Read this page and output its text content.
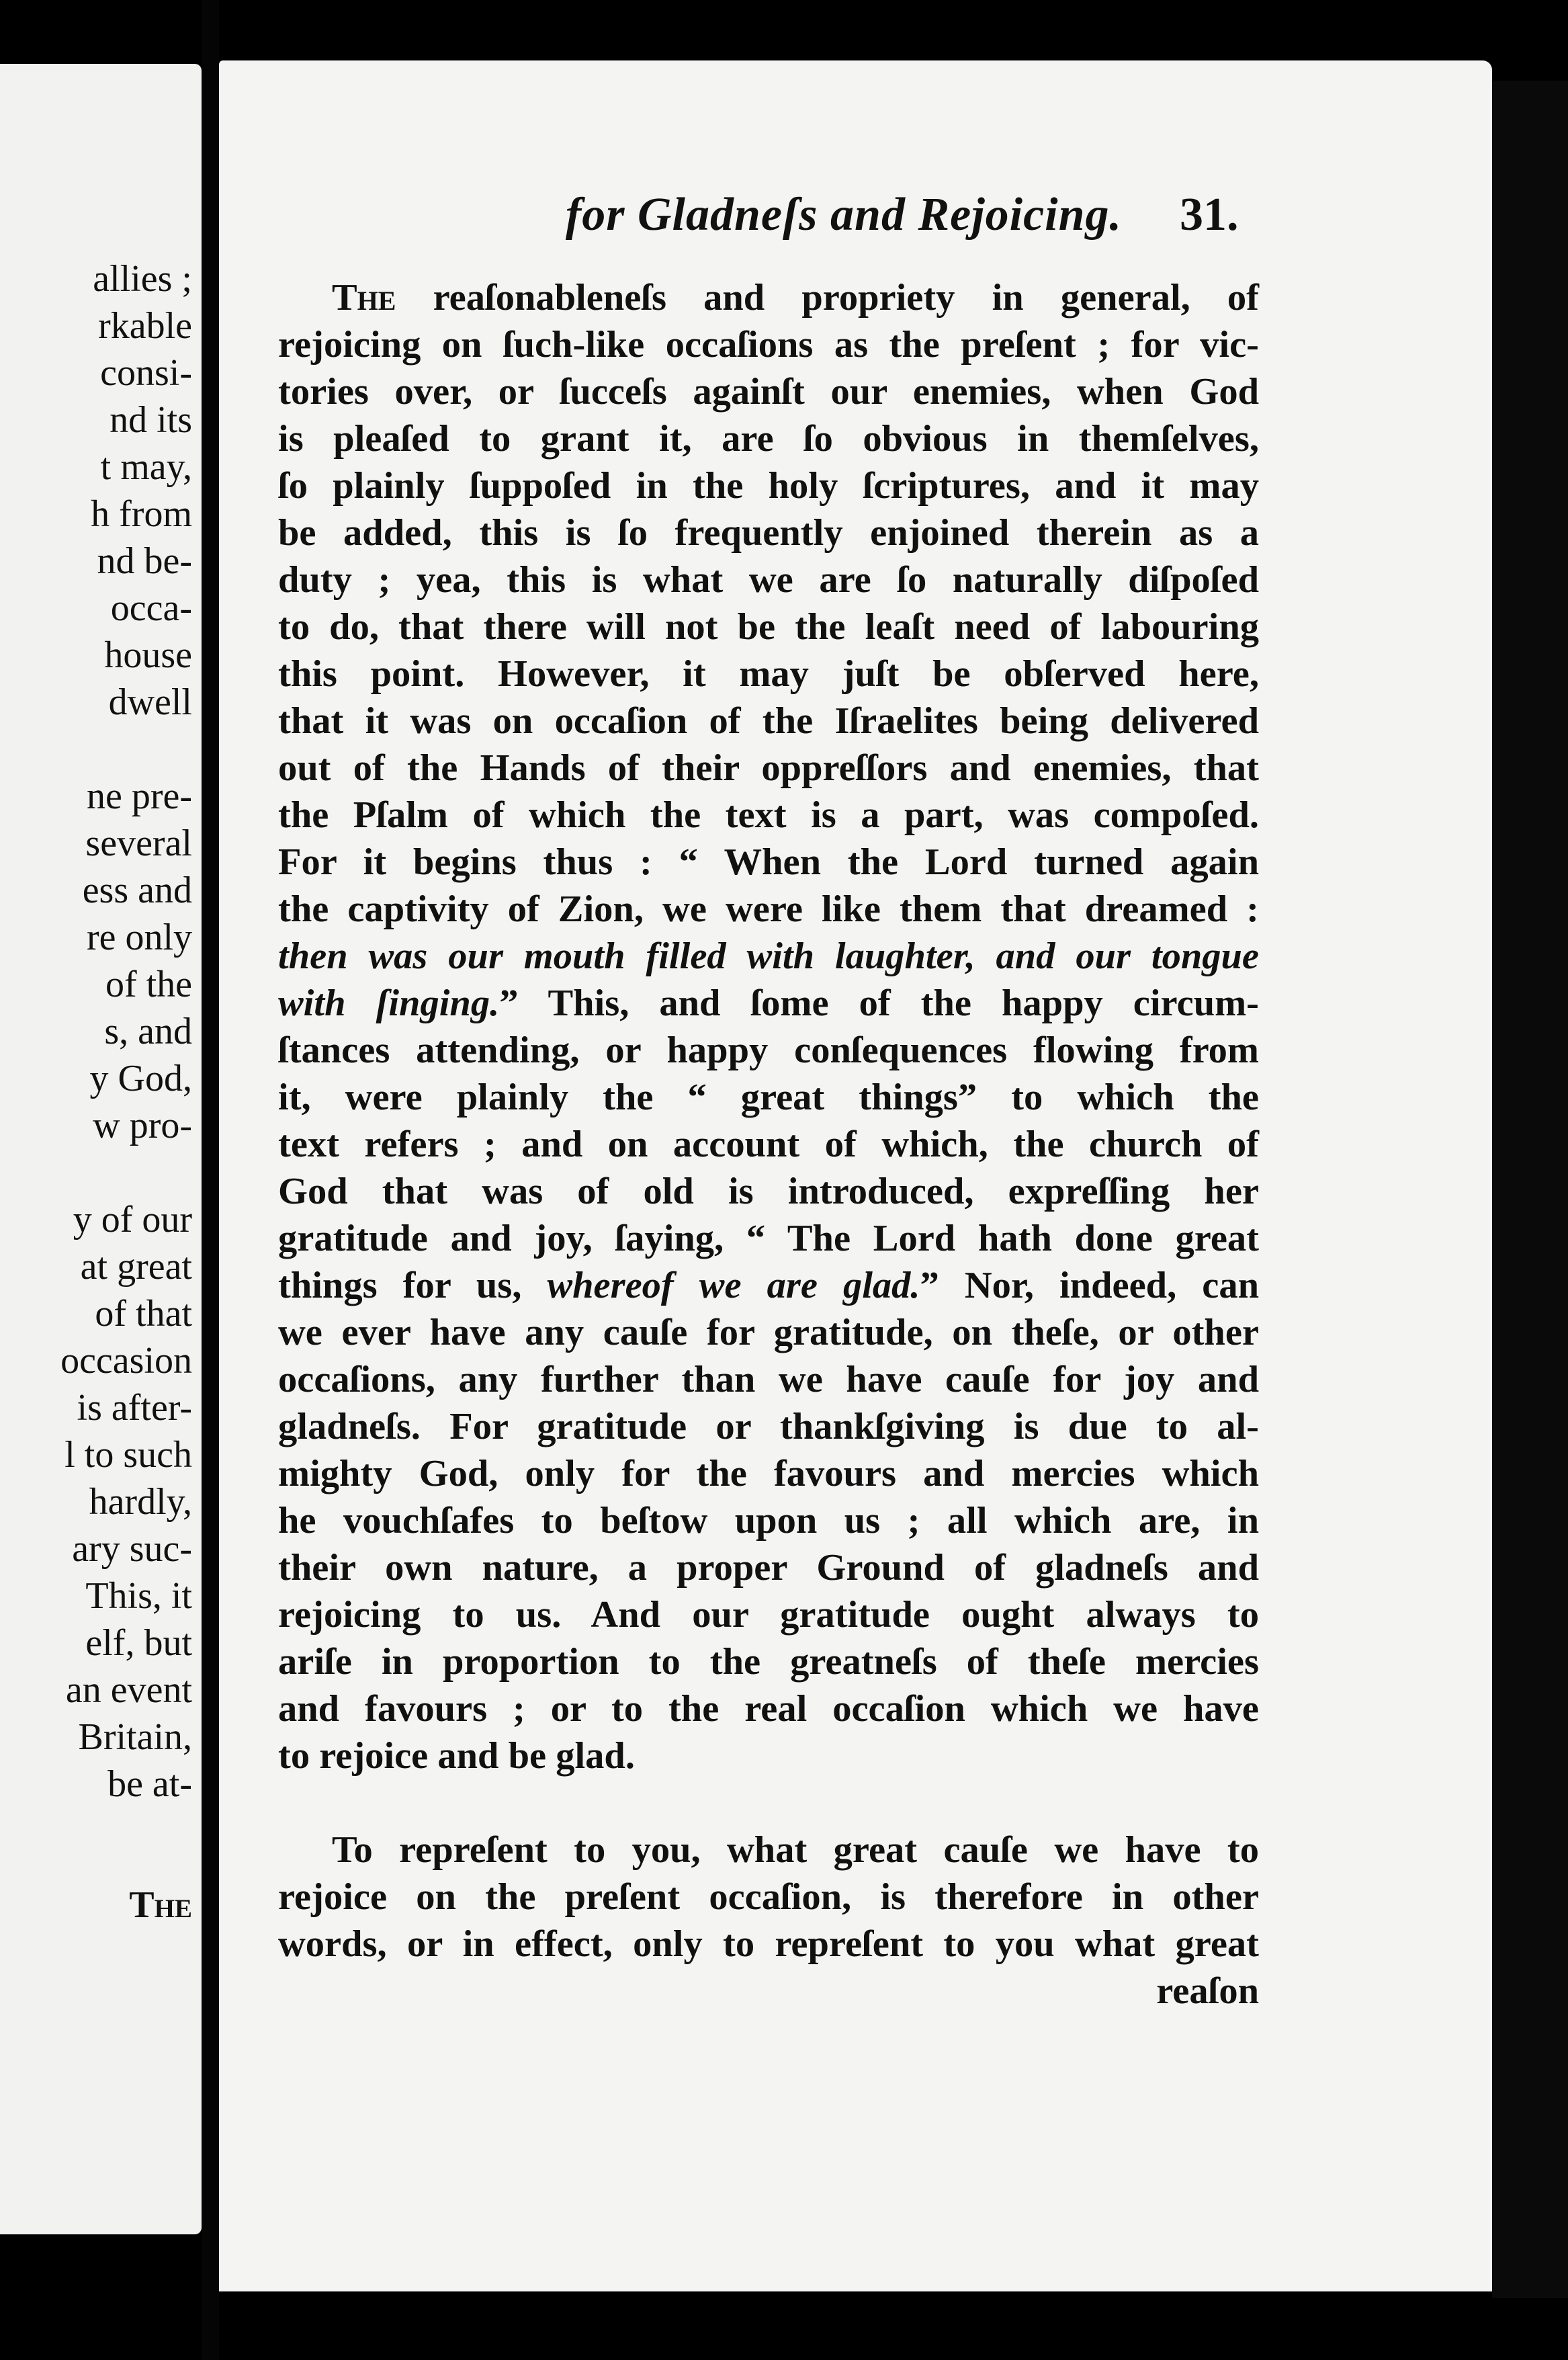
allies ;

rkable

consi-

nd its

t may,

h from

nd be-

occa-

house

dwell

ne pre-

several

ess and

re only

of the

s, and

y God,

w pro-

y of our

at great

of that

occasion

is after-

l to such

hardly,

ary suc-

This, it

elf, but

an event

Britain,

be at-

The

for Gladneſs and Rejoicing.	31.

The reaſonableneſs and propriety in general, of
rejoicing on ſuch-like occaſions as the preſent ; for vic-
tories over, or ſucceſs againſt our enemies, when God
is pleaſed to grant it, are ſo obvious in themſelves,
ſo plainly ſuppoſed in the holy ſcriptures, and it may
be added, this is ſo frequently enjoined therein as a
duty ; yea, this is what we are ſo naturally diſpoſed
to do, that there will not be the leaſt need of labouring
this point. However, it may juſt be obſerved here,
that it was on occaſion of the Iſraelites being delivered
out of the Hands of their oppreſſors and enemies, that
the Pſalm of which the text is a part, was compoſed.
For it begins thus : “ When the Lord turned again
the captivity of Zion, we were like them that dreamed :
then was our mouth filled with laughter, and our tongue
with ſinging.” This, and ſome of the happy circum-
ſtances attending, or happy conſequences flowing from
it, were plainly the “ great things” to which the
text refers ; and on account of which, the church of
God that was of old is introduced, expreſſing her
gratitude and joy, ſaying, “ The Lord hath done great
things for us, whereof we are glad.” Nor, indeed, can
we ever have any cauſe for gratitude, on theſe, or other
occaſions, any further than we have cauſe for joy and
gladneſs. For gratitude or thankſgiving is due to al-
mighty God, only for the favours and mercies which
he vouchſafes to beſtow upon us ; all which are, in
their own nature, a proper Ground of gladneſs and
rejoicing to us. And our gratitude ought always to
ariſe in proportion to the greatneſs of theſe mercies
and favours ; or to the real occaſion which we have
to rejoice and be glad.
To repreſent to you, what great cauſe we have to
rejoice on the preſent occaſion, is therefore in other
words, or in effect, only to repreſent to you what great
reaſon
